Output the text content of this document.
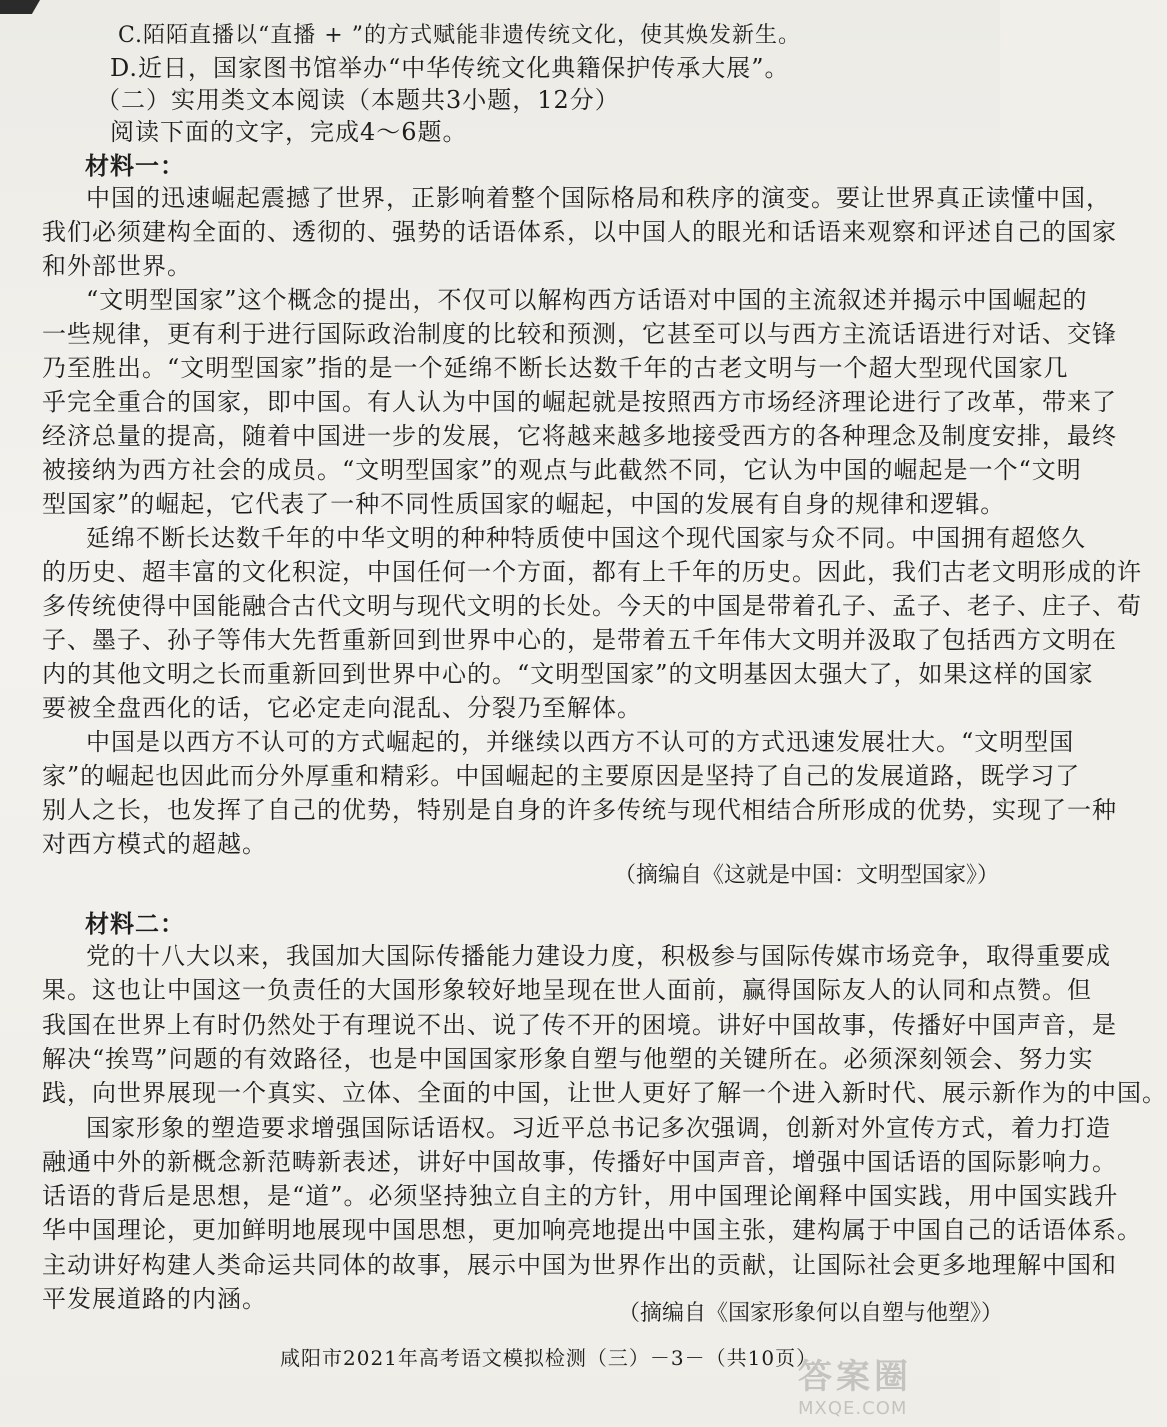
C.陌陌直播以“直播 + ”的方式赋能非遗传统文化，使其焕发新生。
D.近日，国家图书馆举办“中华传统文化典籍保护传承大展”。
（二）实用类文本阅读（本题共3小题，12分）
阅读下面的文字，完成4～6题。
材料一：
中国的迅速崛起震撼了世界，正影响着整个国际格局和秩序的演变。要让世界真正读懂中国，
我们必须建构全面的、透彻的、强势的话语体系，以中国人的眼光和话语来观察和评述自己的国家
和外部世界。
“文明型国家”这个概念的提出，不仅可以解构西方话语对中国的主流叙述并揭示中国崛起的
一些规律，更有利于进行国际政治制度的比较和预测，它甚至可以与西方主流话语进行对话、交锋
乃至胜出。“文明型国家”指的是一个延绵不断长达数千年的古老文明与一个超大型现代国家几
乎完全重合的国家，即中国。有人认为中国的崛起就是按照西方市场经济理论进行了改革，带来了
经济总量的提高，随着中国进一步的发展，它将越来越多地接受西方的各种理念及制度安排，最终
被接纳为西方社会的成员。“文明型国家”的观点与此截然不同，它认为中国的崛起是一个“文明
型国家”的崛起，它代表了一种不同性质国家的崛起，中国的发展有自身的规律和逻辑。
延绵不断长达数千年的中华文明的种种特质使中国这个现代国家与众不同。中国拥有超悠久
的历史、超丰富的文化积淀，中国任何一个方面，都有上千年的历史。因此，我们古老文明形成的许
多传统使得中国能融合古代文明与现代文明的长处。今天的中国是带着孔子、孟子、老子、庄子、荀
子、墨子、孙子等伟大先哲重新回到世界中心的，是带着五千年伟大文明并汲取了包括西方文明在
内的其他文明之长而重新回到世界中心的。“文明型国家”的文明基因太强大了，如果这样的国家
要被全盘西化的话，它必定走向混乱、分裂乃至解体。
中国是以西方不认可的方式崛起的，并继续以西方不认可的方式迅速发展壮大。“文明型国
家”的崛起也因此而分外厚重和精彩。中国崛起的主要原因是坚持了自己的发展道路，既学习了
别人之长，也发挥了自己的优势，特别是自身的许多传统与现代相结合所形成的优势，实现了一种
对西方模式的超越。
（摘编自《这就是中国：文明型国家》）
材料二：
党的十八大以来，我国加大国际传播能力建设力度，积极参与国际传媒市场竞争，取得重要成
果。这也让中国这一负责任的大国形象较好地呈现在世人面前，赢得国际友人的认同和点赞。但
我国在世界上有时仍然处于有理说不出、说了传不开的困境。讲好中国故事，传播好中国声音，是
解决“挨骂”问题的有效路径，也是中国国家形象自塑与他塑的关键所在。必须深刻领会、努力实
践，向世界展现一个真实、立体、全面的中国，让世人更好了解一个进入新时代、展示新作为的中国。
国家形象的塑造要求增强国际话语权。习近平总书记多次强调，创新对外宣传方式，着力打造
融通中外的新概念新范畴新表述，讲好中国故事，传播好中国声音，增强中国话语的国际影响力。
话语的背后是思想，是“道”。必须坚持独立自主的方针，用中国理论阐释中国实践，用中国实践升
华中国理论，更加鲜明地展现中国思想，更加响亮地提出中国主张，建构属于中国自己的话语体系。
主动讲好构建人类命运共同体的故事，展示中国为世界作出的贡献，让国际社会更多地理解中国和
平发展道路的内涵。
（摘编自《国家形象何以自塑与他塑》）
咸阳市2021年高考语文模拟检测（三）－3－（共10页）
答案圈
MXQE.COM
